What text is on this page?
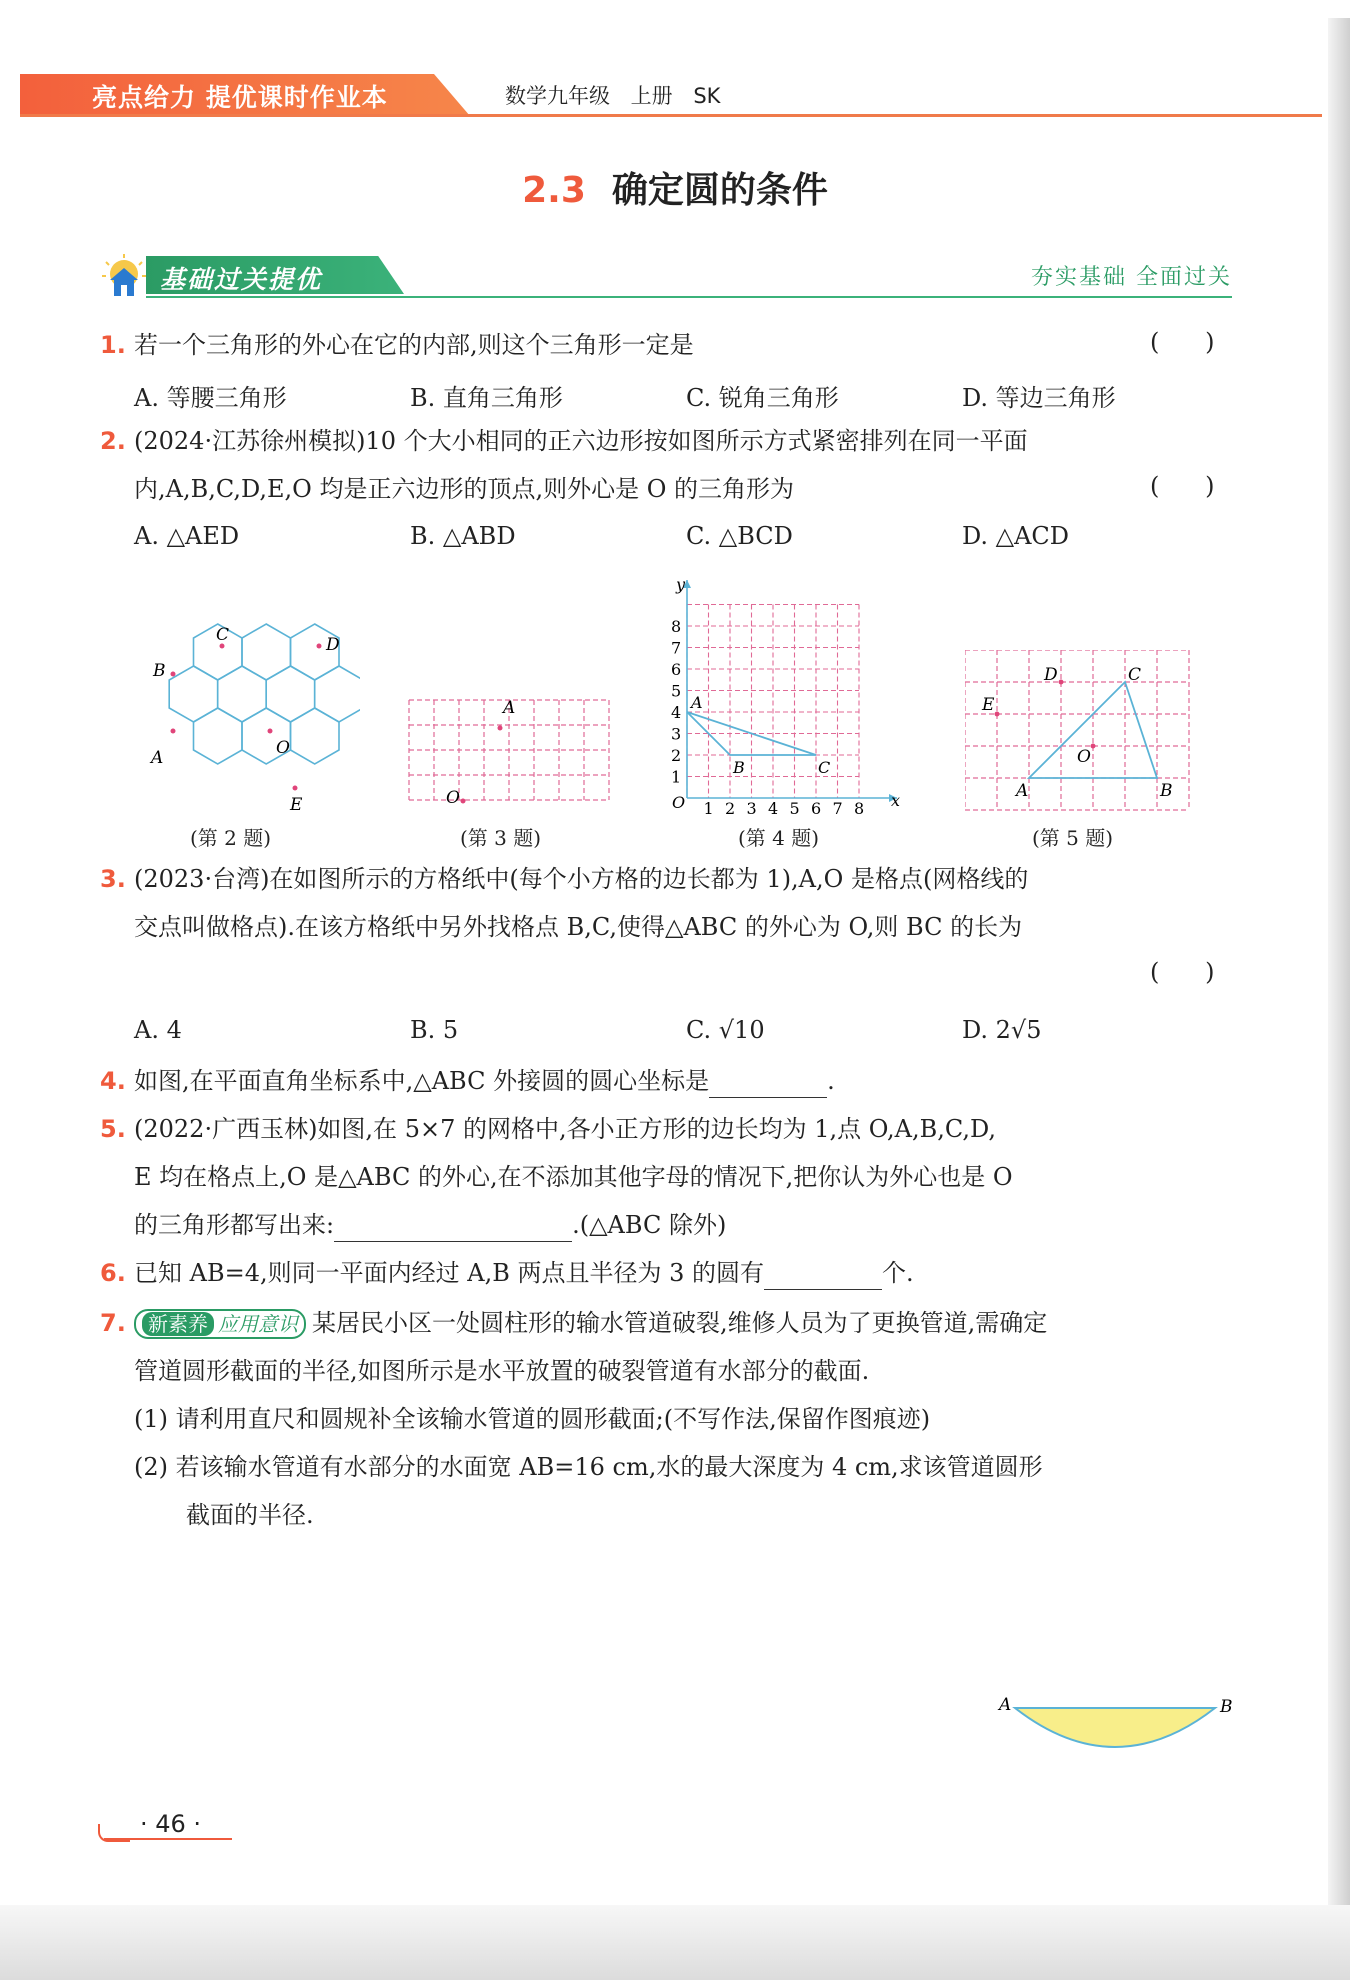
亮点给力 提优课时作业本	数学九年级 上册 SK
2.3 确定圆的条件
基础过关提优	夯实基础 全面过关
1. 若一个三角形的外心在它的内部,则这个三角形一定是	(      )
A. 等腰三角形	B. 直角三角形	C. 锐角三角形	D. 等边三角形
2. (2024·江苏徐州模拟)10 个大小相同的正六边形按如图所示方式紧密排列在同一平面
内,A,B,C,D,E,O 均是正六边形的顶点,则外心是 O 的三角形为	(      )
A. △AED	B. △ABD	C. △BCD	D. △ACD
C	D
B
A	O
E
(第 2 题)
A
O
(第 3 题)
y
x
O
1
2
3
4
5
6
7
8
1 2 3 4 5 6 7 8
A
B	C
(第 4 题)
D	C
E
O
A	B
(第 5 题)
3. (2023·台湾)在如图所示的方格纸中(每个小方格的边长都为 1),A,O 是格点(网格线的
交点叫做格点).在该方格纸中另外找格点 B,C,使得△ABC 的外心为 O,则 BC 的长为
(      )
A. 4	B. 5	C. √10	D. 2√5
4. 如图,在平面直角坐标系中,△ABC 外接圆的圆心坐标是	.
5. (2022·广西玉林)如图,在 5×7 的网格中,各小正方形的边长均为 1,点 O,A,B,C,D,
E 均在格点上,O 是△ABC 的外心,在不添加其他字母的情况下,把你认为外心也是 O
的三角形都写出来:	.(△ABC 除外)
6. 已知 AB=4,则同一平面内经过 A,B 两点且半径为 3 的圆有	个.
7. 新素养 应用意识 某居民小区一处圆柱形的输水管道破裂,维修人员为了更换管道,需确定
管道圆形截面的半径,如图所示是水平放置的破裂管道有水部分的截面.
(1) 请利用直尺和圆规补全该输水管道的圆形截面;(不写作法,保留作图痕迹)
(2) 若该输水管道有水部分的水面宽 AB=16 cm,水的最大深度为 4 cm,求该管道圆形
截面的半径.
A	B
· 46 ·
